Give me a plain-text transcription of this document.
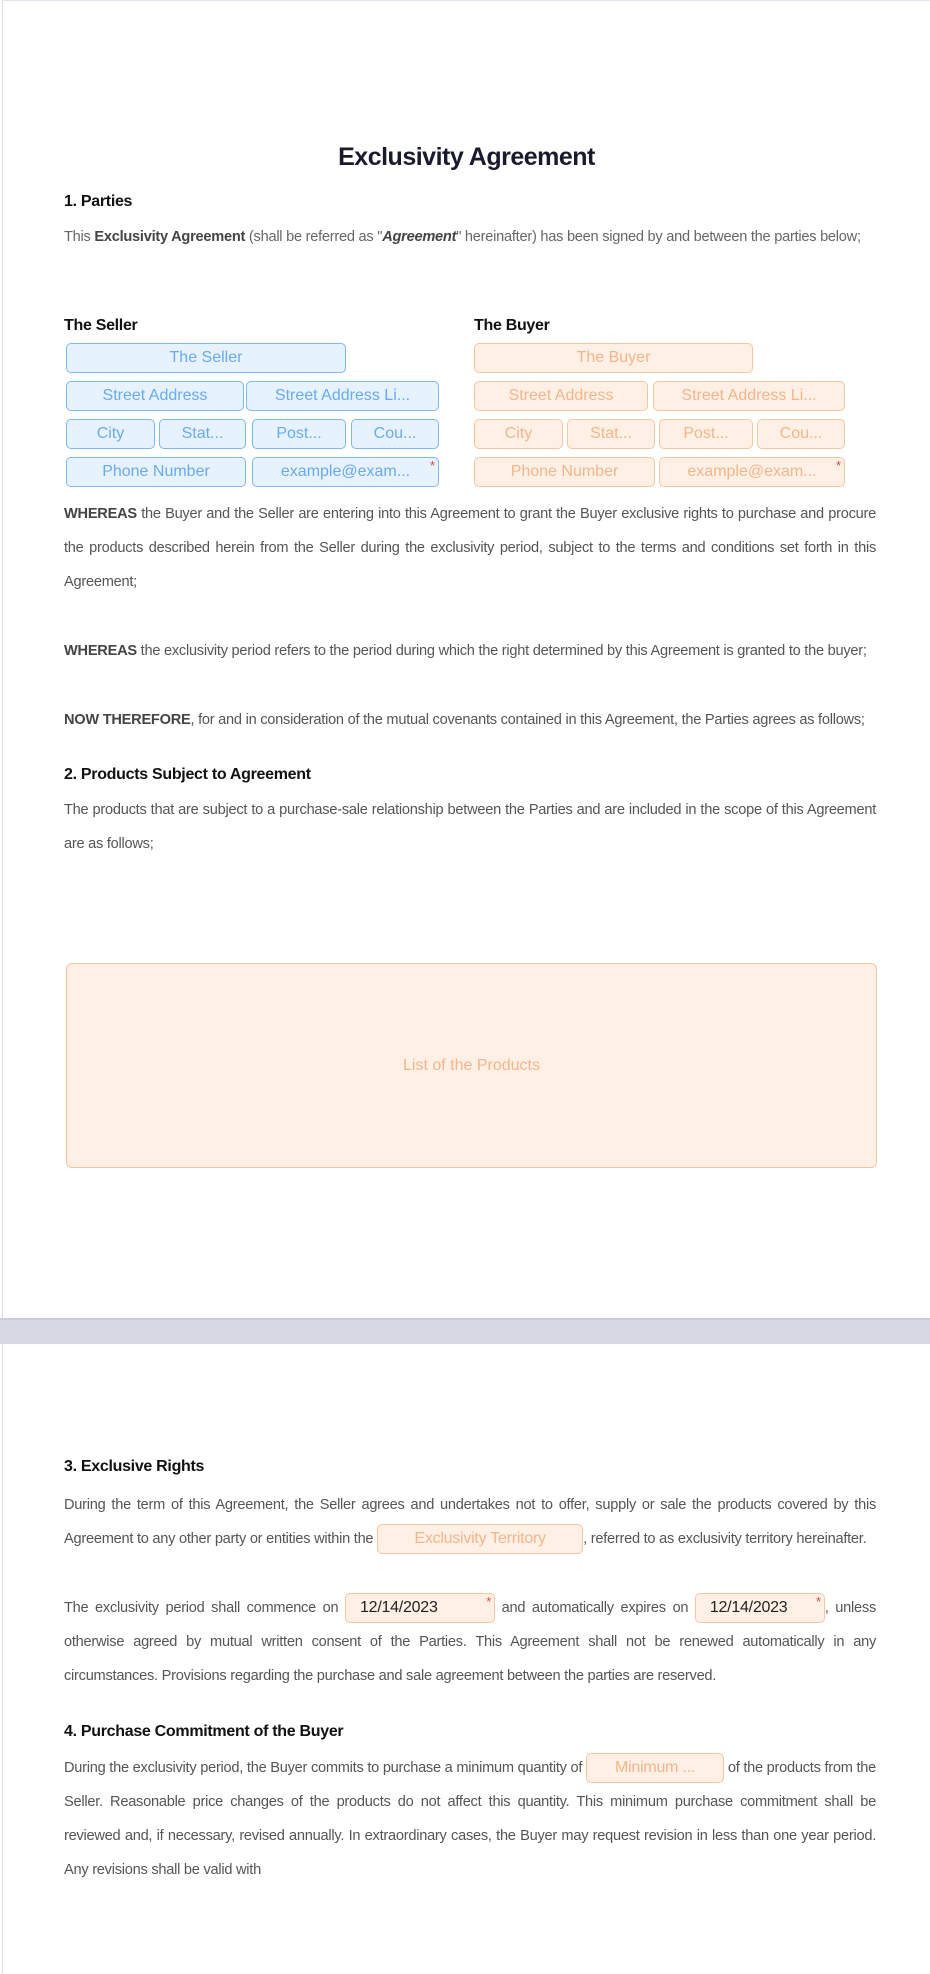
Exclusivity Agreement
1. Parties

This Exclusivity Agreement (shall be referred as "Agreement" hereinafter) has been signed by and between the parties below;

The Seller	The Buyer
The Seller
Street Address	Street Address Li...
City	Stat...	Post...	Cou...
Phone Number	example@exam... *
The Buyer
Street Address	Street Address Li...
City	Stat...	Post...	Cou...
Phone Number	example@exam... *

WHEREAS the Buyer and the Seller are entering into this Agreement to grant the Buyer exclusive rights to purchase and procure the products described herein from the Seller during the exclusivity period, subject to the terms and conditions set forth in this Agreement;

WHEREAS the exclusivity period refers to the period during which the right determined by this Agreement is granted to the buyer;

NOW THEREFORE, for and in consideration of the mutual covenants contained in this Agreement, the Parties agrees as follows;

2. Products Subject to Agreement

The products that are subject to a purchase-sale relationship between the Parties and are included in the scope of this Agreement are as follows;

List of the Products
3. Exclusive Rights

During the term of this Agreement, the Seller agrees and undertakes not to offer, supply or sale the products covered by this Agreement to any other party or entities within the Exclusivity Territory	, referred to as exclusivity territory hereinafter.

The exclusivity period shall commence on 12/14/2023 *	and automatically expires on 12/14/2023 *	, unless otherwise agreed by mutual written consent of the Parties. This Agreement shall not be renewed automatically in any circumstances. Provisions regarding the purchase and sale agreement between the parties are reserved.

4. Purchase Commitment of the Buyer

During the exclusivity period, the Buyer commits to purchase a minimum quantity of Minimum ... of the products from the Seller. Reasonable price changes of the products do not affect this quantity. This minimum purchase commitment shall be reviewed and, if necessary, revised annually. In extraordinary cases, the Buyer may request revision in less than one year period. Any revisions shall be valid with
